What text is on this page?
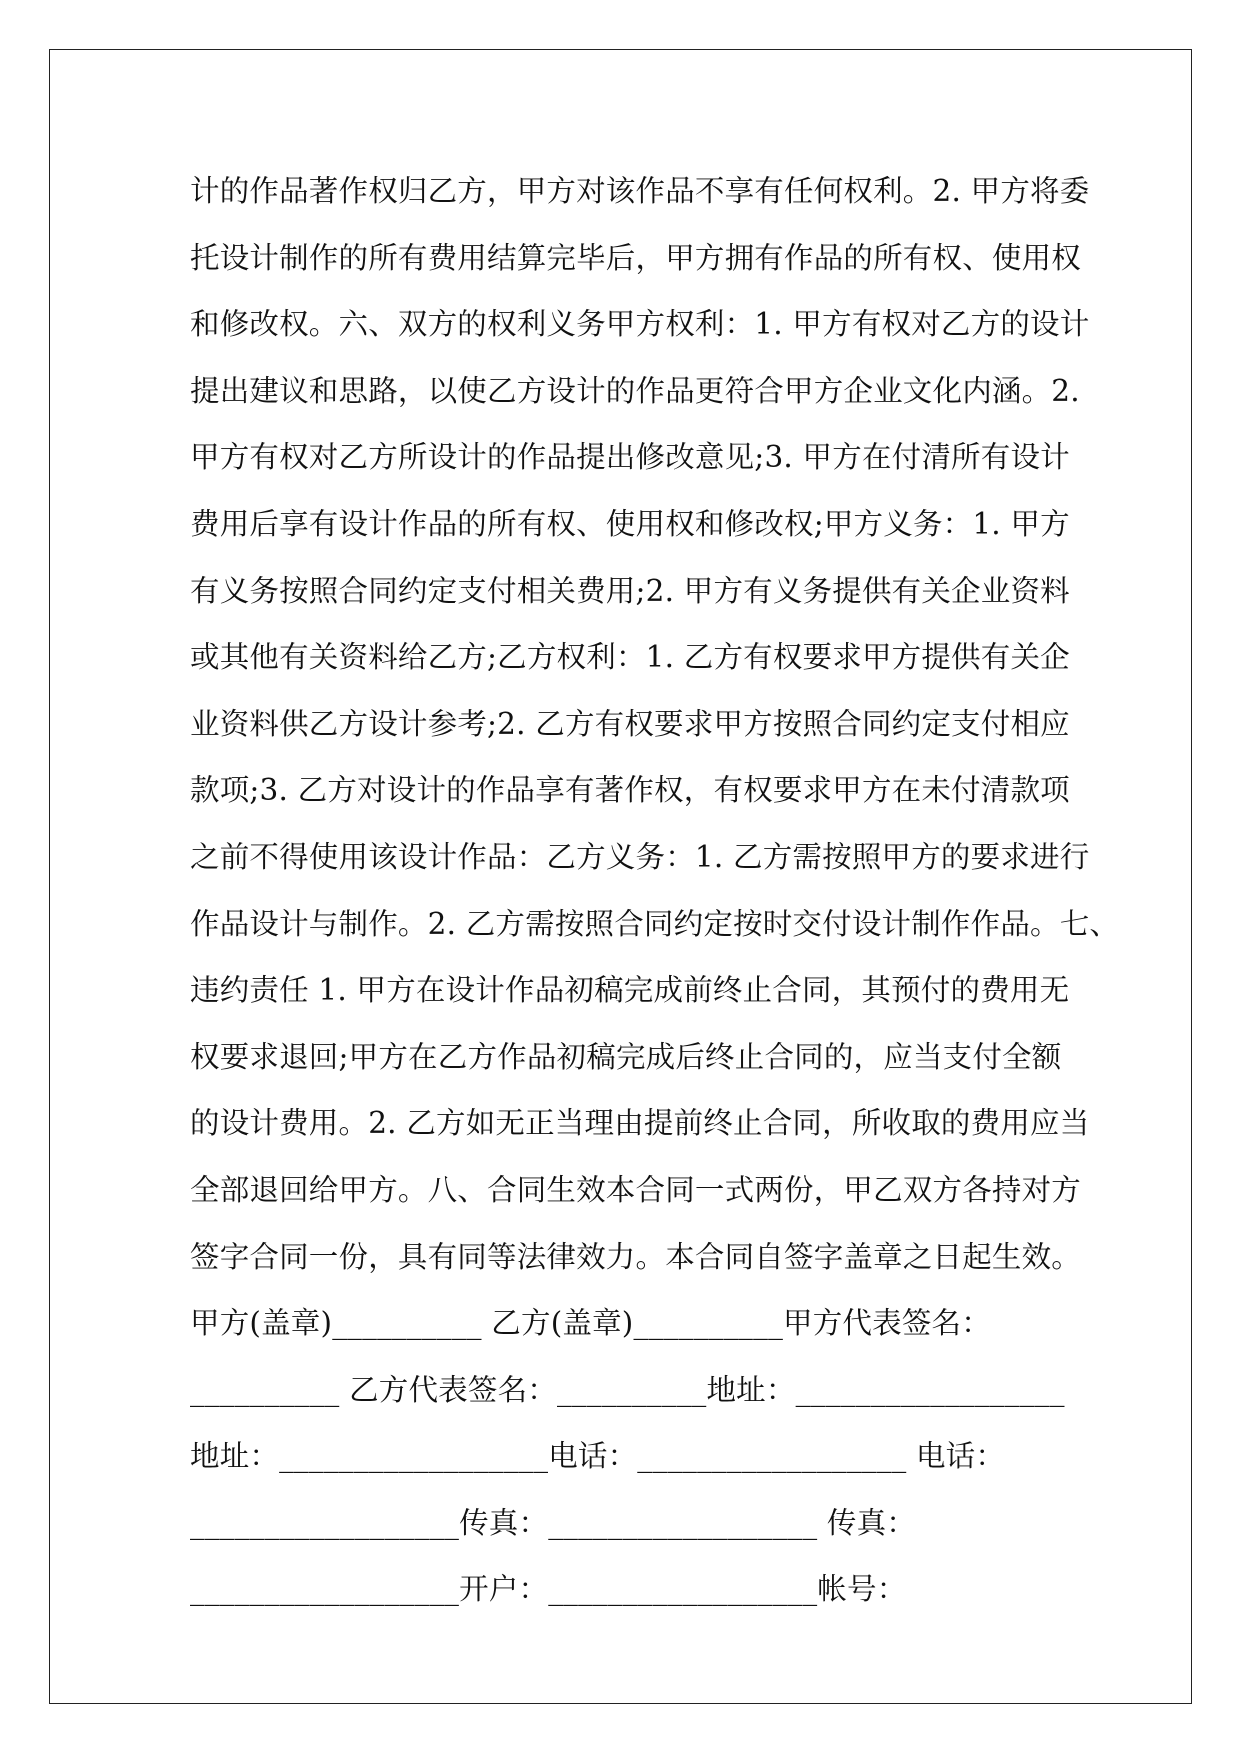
计的作品著作权归乙方，甲方对该作品不享有任何权利。2. 甲方将委
托设计制作的所有费用结算完毕后，甲方拥有作品的所有权、使用权
和修改权。六、双方的权利义务甲方权利：1. 甲方有权对乙方的设计
提出建议和思路，以使乙方设计的作品更符合甲方企业文化内涵。2.
甲方有权对乙方所设计的作品提出修改意见;3. 甲方在付清所有设计
费用后享有设计作品的所有权、使用权和修改权;甲方义务：1. 甲方
有义务按照合同约定支付相关费用;2. 甲方有义务提供有关企业资料
或其他有关资料给乙方;乙方权利：1. 乙方有权要求甲方提供有关企
业资料供乙方设计参考;2. 乙方有权要求甲方按照合同约定支付相应
款项;3. 乙方对设计的作品享有著作权，有权要求甲方在未付清款项
之前不得使用该设计作品：乙方义务：1. 乙方需按照甲方的要求进行
作品设计与制作。2. 乙方需按照合同约定按时交付设计制作作品。七、
违约责任 1. 甲方在设计作品初稿完成前终止合同，其预付的费用无
权要求退回;甲方在乙方作品初稿完成后终止合同的，应当支付全额
的设计费用。2. 乙方如无正当理由提前终止合同，所收取的费用应当
全部退回给甲方。八、合同生效本合同一式两份，甲乙双方各持对方
签字合同一份，具有同等法律效力。本合同自签字盖章之日起生效。
甲方(盖章)__________ 乙方(盖章)__________甲方代表签名：
__________ 乙方代表签名：__________地址：__________________
地址：__________________电话：__________________ 电话：
__________________传真：__________________ 传真：
__________________开户：__________________帐号：
